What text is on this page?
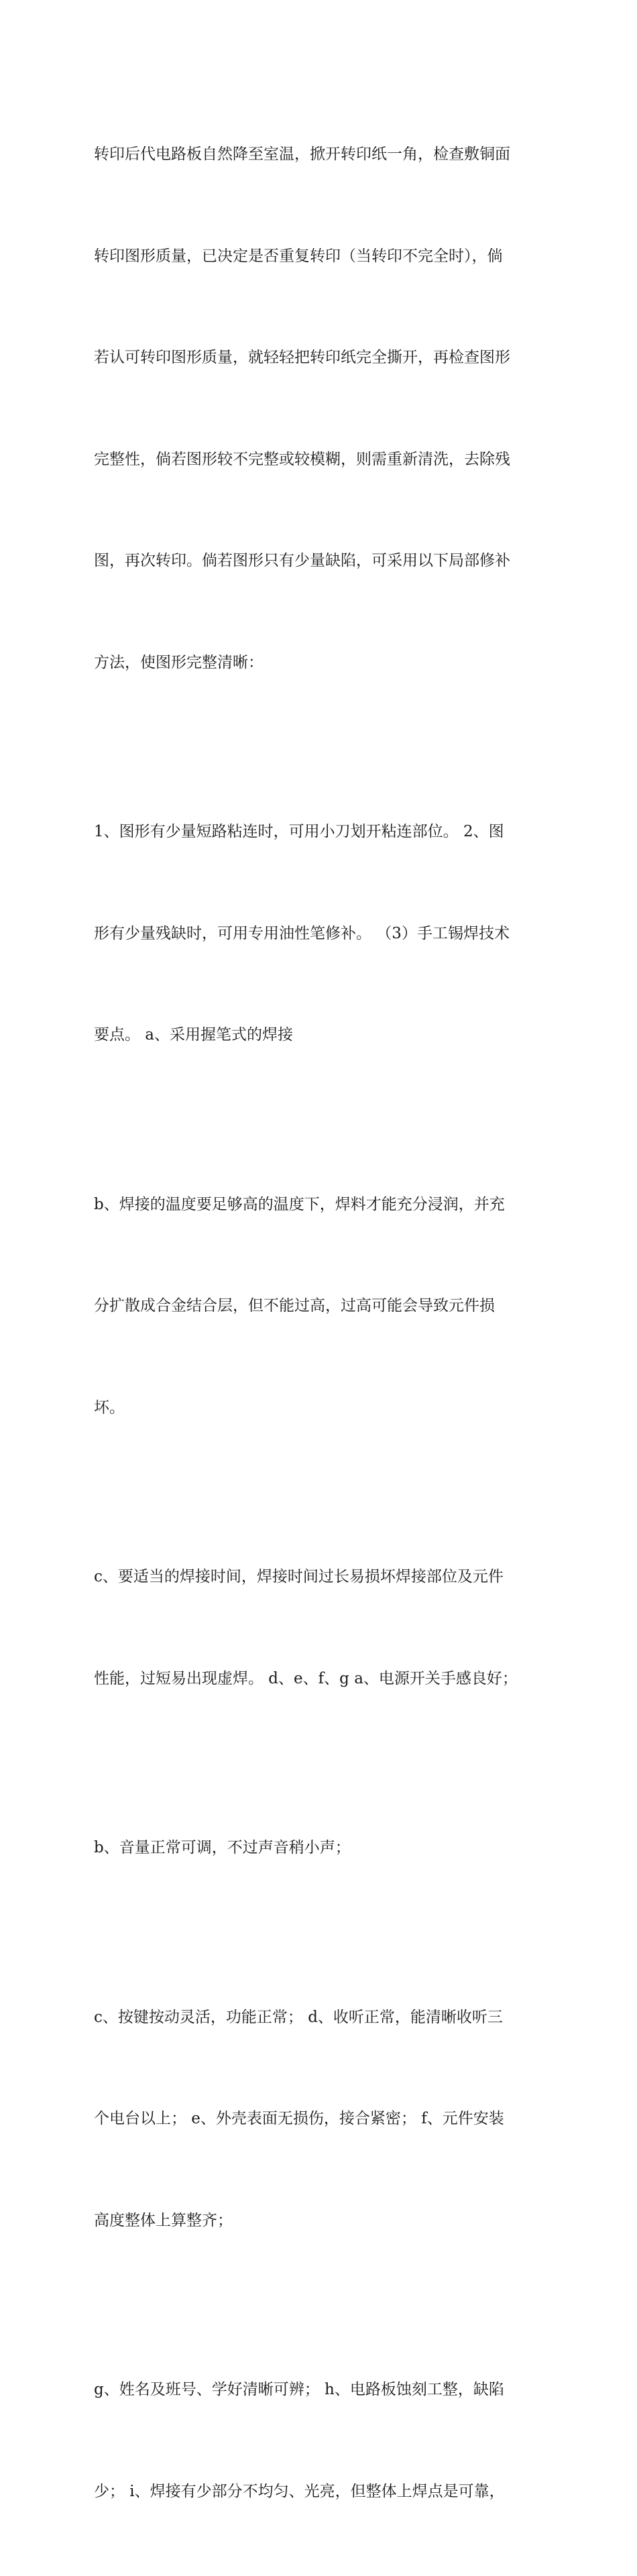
转印后代电路板自然降至室温，掀开转印纸一角，检查敷铜面

转印图形质量，已决定是否重复转印（当转印不完全时），倘

若认可转印图形质量，就轻轻把转印纸完全撕开，再检查图形

完整性，倘若图形较不完整或较模糊，则需重新清洗，去除残

图，再次转印。倘若图形只有少量缺陷，可采用以下局部修补

方法，使图形完整清晰：

1、图形有少量短路粘连时，可用小刀划开粘连部位。 2、图

形有少量残缺时，可用专用油性笔修补。 （3）手工锡焊技术

要点。 a、采用握笔式的焊接

b、焊接的温度要足够高的温度下，焊料才能充分浸润，并充

分扩散成合金结合层，但不能过高，过高可能会导致元件损

坏。

c、要适当的焊接时间，焊接时间过长易损坏焊接部位及元件

性能，过短易出现虚焊。 d、e、f、g a、电源开关手感良好；

b、音量正常可调，不过声音稍小声；

c、按键按动灵活，功能正常； d、收听正常，能清晰收听三

个电台以上； e、外壳表面无损伤，接合紧密； f、元件安装

高度整体上算整齐；

g、姓名及班号、学好清晰可辨； h、电路板蚀刻工整，缺陷

少； i、焊接有少部分不均匀、光亮，但整体上焊点是可靠，
